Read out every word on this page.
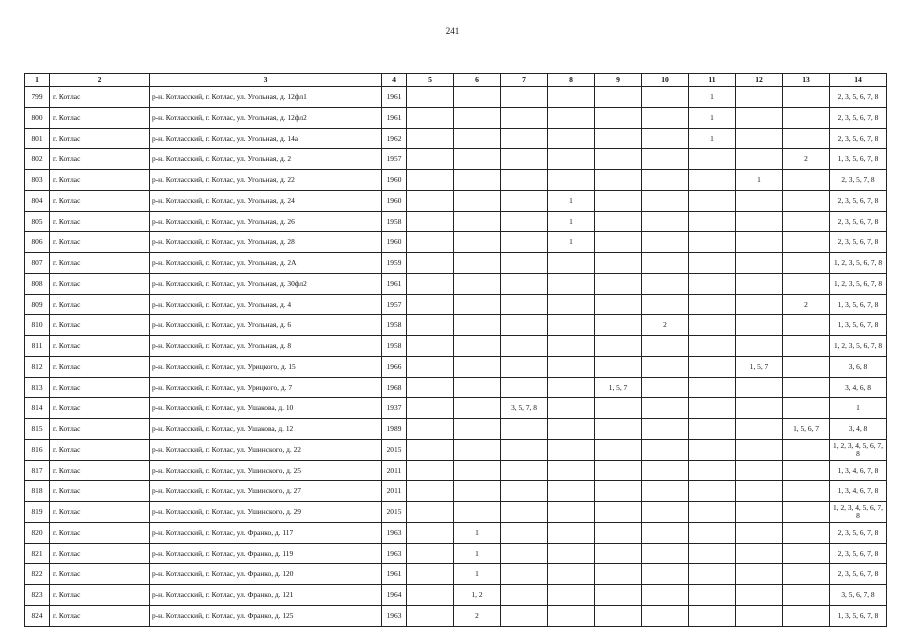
241
1	2	3	4	5	6	7	8	9	10	11	12	13	14
799	г. Котлас	р-н. Котласский, г. Котлас, ул. Угольная, д. 12фл1	1961							1			2, 3, 5, 6, 7, 8
800	г. Котлас	р-н. Котласский, г. Котлас, ул. Угольная, д. 12фл2	1961							1			2, 3, 5, 6, 7, 8
801	г. Котлас	р-н. Котласский, г. Котлас, ул. Угольная, д. 14а	1962							1			2, 3, 5, 6, 7, 8
802	г. Котлас	р-н. Котласский, г. Котлас, ул. Угольная, д. 2	1957									2	1, 3, 5, 6, 7, 8
803	г. Котлас	р-н. Котласский, г. Котлас, ул. Угольная, д. 22	1960								1		2, 3, 5, 7, 8
804	г. Котлас	р-н. Котласский, г. Котлас, ул. Угольная, д. 24	1960				1						2, 3, 5, 6, 7, 8
805	г. Котлас	р-н. Котласский, г. Котлас, ул. Угольная, д. 26	1958				1						2, 3, 5, 6, 7, 8
806	г. Котлас	р-н. Котласский, г. Котлас, ул. Угольная, д. 28	1960				1						2, 3, 5, 6, 7, 8
807	г. Котлас	р-н. Котласский, г. Котлас, ул. Угольная, д. 2А	1959										1, 2, 3, 5, 6, 7, 8
808	г. Котлас	р-н. Котласский, г. Котлас, ул. Угольная, д. 30фл2	1961										1, 2, 3, 5, 6, 7, 8
809	г. Котлас	р-н. Котласский, г. Котлас, ул. Угольная, д. 4	1957									2	1, 3, 5, 6, 7, 8
810	г. Котлас	р-н. Котласский, г. Котлас, ул. Угольная, д. 6	1958						2				1, 3, 5, 6, 7, 8
811	г. Котлас	р-н. Котласский, г. Котлас, ул. Угольная, д. 8	1958										1, 2, 3, 5, 6, 7, 8
812	г. Котлас	р-н. Котласский, г. Котлас, ул. Урицкого, д. 15	1966								1, 5, 7		3, 6, 8
813	г. Котлас	р-н. Котласский, г. Котлас, ул. Урицкого, д. 7	1968					1, 5, 7					3, 4, 6, 8
814	г. Котлас	р-н. Котласский, г. Котлас, ул. Ушакова, д. 10	1937			3, 5, 7, 8							1
815	г. Котлас	р-н. Котласский, г. Котлас, ул. Ушакова, д. 12	1989									1, 5, 6, 7	3, 4, 8
816	г. Котлас	р-н. Котласский, г. Котлас, ул. Ушинского, д. 22	2015										1, 2, 3, 4, 5, 6, 7, 8
817	г. Котлас	р-н. Котласский, г. Котлас, ул. Ушинского, д. 25	2011										1, 3, 4, 6, 7, 8
818	г. Котлас	р-н. Котласский, г. Котлас, ул. Ушинского, д. 27	2011										1, 3, 4, 6, 7, 8
819	г. Котлас	р-н. Котласский, г. Котлас, ул. Ушинского, д. 29	2015										1, 2, 3, 4, 5, 6, 7, 8
820	г. Котлас	р-н. Котласский, г. Котлас, ул. Франко, д. 117	1963		1								2, 3, 5, 6, 7, 8
821	г. Котлас	р-н. Котласский, г. Котлас, ул. Франко, д. 119	1963		1								2, 3, 5, 6, 7, 8
822	г. Котлас	р-н. Котласский, г. Котлас, ул. Франко, д. 120	1961		1								2, 3, 5, 6, 7, 8
823	г. Котлас	р-н. Котласский, г. Котлас, ул. Франко, д. 121	1964		1, 2								3, 5, 6, 7, 8
824	г. Котлас	р-н. Котласский, г. Котлас, ул. Франко, д. 125	1963		2								1, 3, 5, 6, 7, 8
